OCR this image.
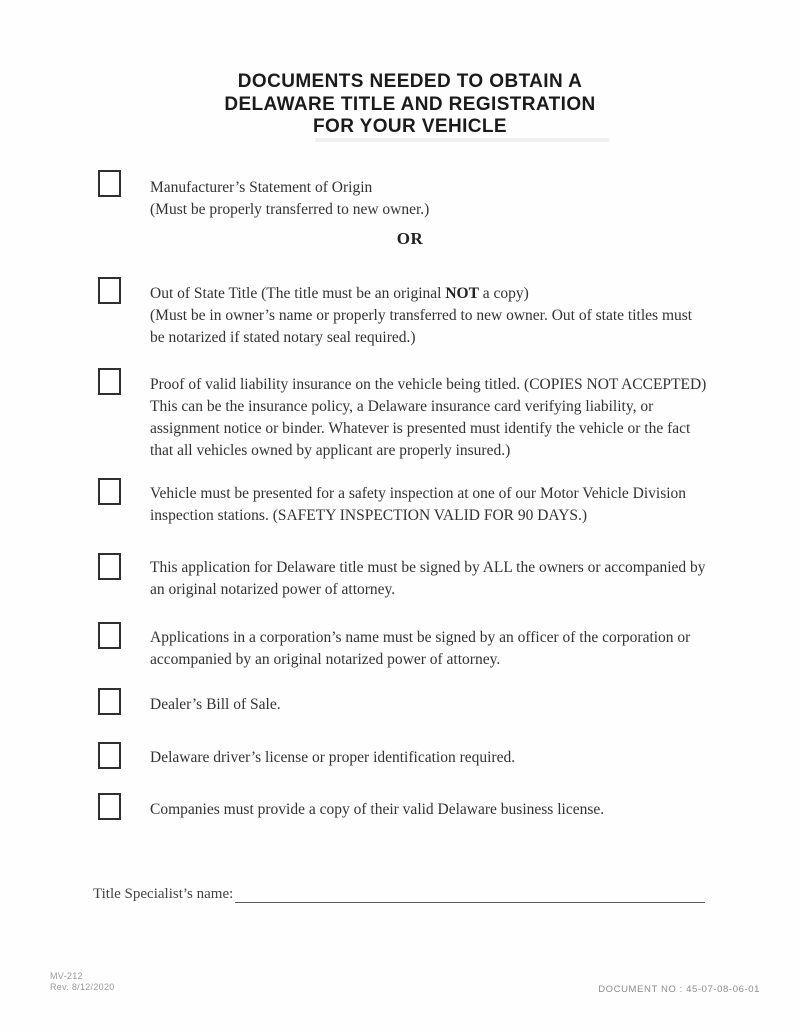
DOCUMENTS NEEDED TO OBTAIN A
DELAWARE TITLE AND REGISTRATION
FOR YOUR VEHICLE
Manufacturer’s Statement of Origin
(Must be properly transferred to new owner.)
OR
Out of State Title (The title must be an original NOT a copy)
(Must be in owner’s name or properly transferred to new owner. Out of state titles must
be notarized if stated notary seal required.)
Proof of valid liability insurance on the vehicle being titled. (COPIES NOT ACCEPTED)
This can be the insurance policy, a Delaware insurance card verifying liability, or
assignment notice or binder. Whatever is presented must identify the vehicle or the fact
that all vehicles owned by applicant are properly insured.)
Vehicle must be presented for a safety inspection at one of our Motor Vehicle Division
inspection stations. (SAFETY INSPECTION VALID FOR 90 DAYS.)
This application for Delaware title must be signed by ALL the owners or accompanied by
an original notarized power of attorney.
Applications in a corporation’s name must be signed by an officer of the corporation or
accompanied by an original notarized power of attorney.
Dealer’s Bill of Sale.
Delaware driver’s license or proper identification required.
Companies must provide a copy of their valid Delaware business license.
Title Specialist’s name:
MV-212
Rev. 8/12/2020	DOCUMENT NO : 45-07-08-06-01
